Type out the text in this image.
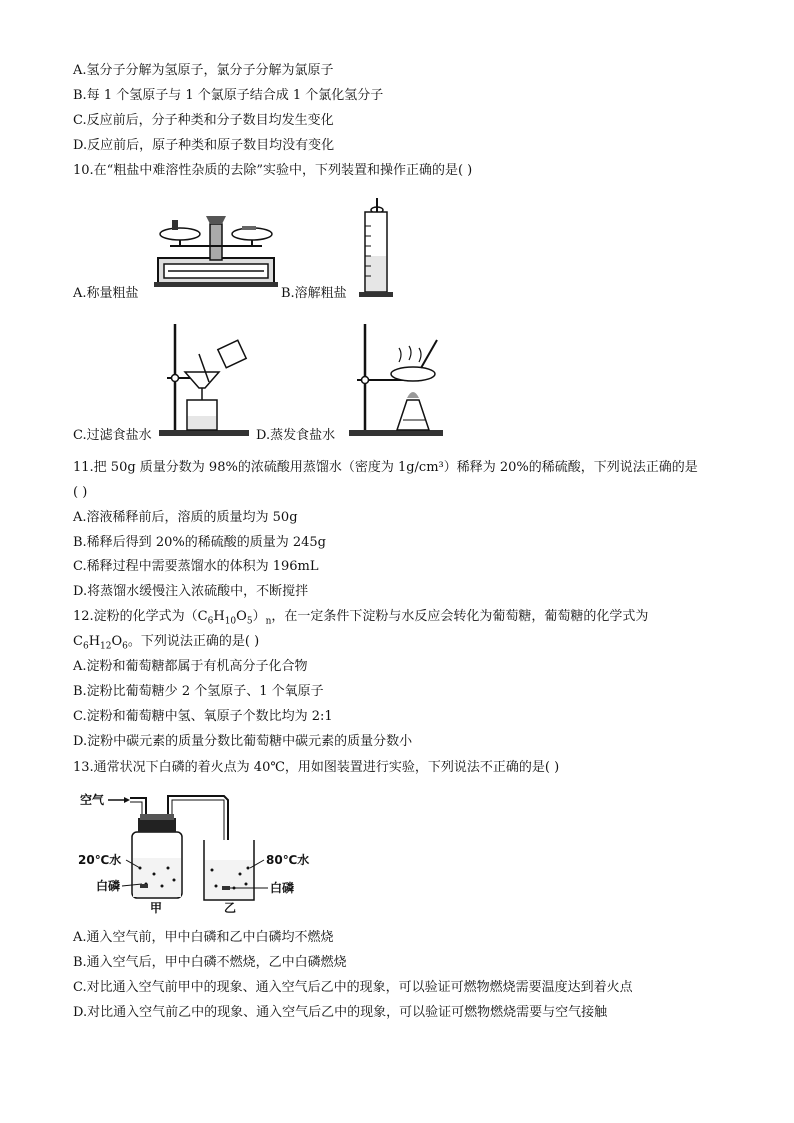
A.氢分子分解为氢原子，氯分子分解为氯原子
B.每 1 个氢原子与 1 个氯原子结合成 1 个氯化氢分子
C.反应前后，分子种类和分子数目均发生变化
D.反应前后，原子种类和原子数目均没有变化
10.在“粗盐中难溶性杂质的去除”实验中，下列装置和操作正确的是( )
A.称量粗盐	B.溶解粗盐
C.过滤食盐水	D.蒸发食盐水
11.把 50g 质量分数为 98%的浓硫酸用蒸馏水（密度为 1g/cm³）稀释为 20%的稀硫酸，下列说法正确的是
( )
A.溶液稀释前后，溶质的质量均为 50g
B.稀释后得到 20%的稀硫酸的质量为 245g
C.稀释过程中需要蒸馏水的体积为 196mL
D.将蒸馏水缓慢注入浓硫酸中，不断搅拌
12.淀粉的化学式为$(C_6H_{10}O_5)_n$，在一定条件下淀粉与水反应会转化为葡萄糖，葡萄糖的化学式为
$C_6H_{12}O_6$。下列说法正确的是( )
A.淀粉和葡萄糖都属于有机高分子化合物
B.淀粉比葡萄糖少 2 个氢原子、1 个氧原子
C.淀粉和葡萄糖中氢、氧原子个数比均为 2:1
D.淀粉中碳元素的质量分数比葡萄糖中碳元素的质量分数小
13.通常状况下白磷的着火点为 40℃，用如图装置进行实验，下列说法不正确的是( )
空气
20℃水	80℃水
白磷	白磷
甲	乙
A.通入空气前，甲中白磷和乙中白磷均不燃烧
B.通入空气后，甲中白磷不燃烧，乙中白磷燃烧
C.对比通入空气前甲中的现象、通入空气后乙中的现象，可以验证可燃物燃烧需要温度达到着火点
D.对比通入空气前乙中的现象、通入空气后乙中的现象，可以验证可燃物燃烧需要与空气接触
